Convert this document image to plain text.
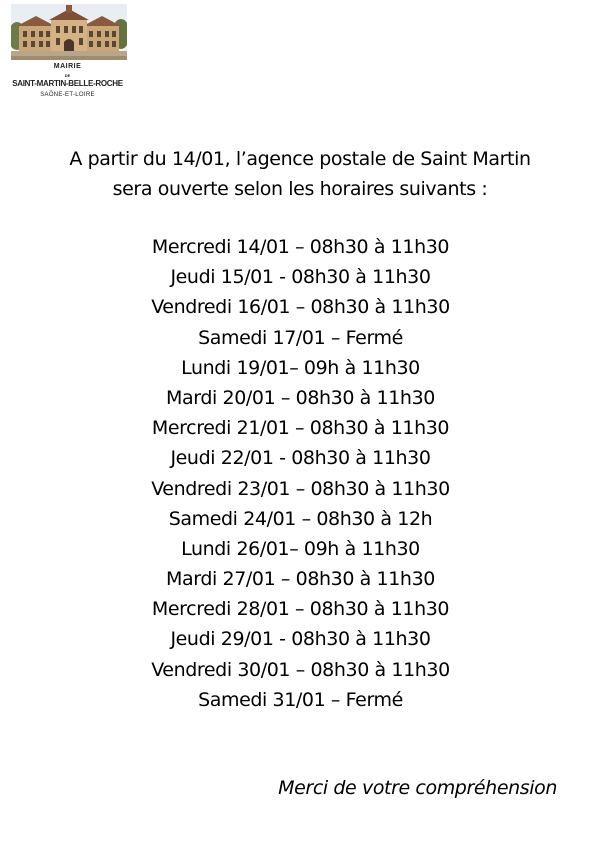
MAIRIE
DE
SAINT-MARTIN-BELLE-ROCHE
SAÔNE-ET-LOIRE
A partir du 14/01, l’agence postale de Saint Martin
sera ouverte selon les horaires suivants :
Mercredi 14/01 – 08h30 à 11h30
Jeudi 15/01 - 08h30 à 11h30
Vendredi 16/01 – 08h30 à 11h30
Samedi 17/01 – Fermé
Lundi 19/01– 09h à 11h30
Mardi 20/01 – 08h30 à 11h30
Mercredi 21/01 – 08h30 à 11h30
Jeudi 22/01 - 08h30 à 11h30
Vendredi 23/01 – 08h30 à 11h30
Samedi 24/01 – 08h30 à 12h
Lundi 26/01– 09h à 11h30
Mardi 27/01 – 08h30 à 11h30
Mercredi 28/01 – 08h30 à 11h30
Jeudi 29/01 - 08h30 à 11h30
Vendredi 30/01 – 08h30 à 11h30
Samedi 31/01 – Fermé
Merci de votre compréhension
